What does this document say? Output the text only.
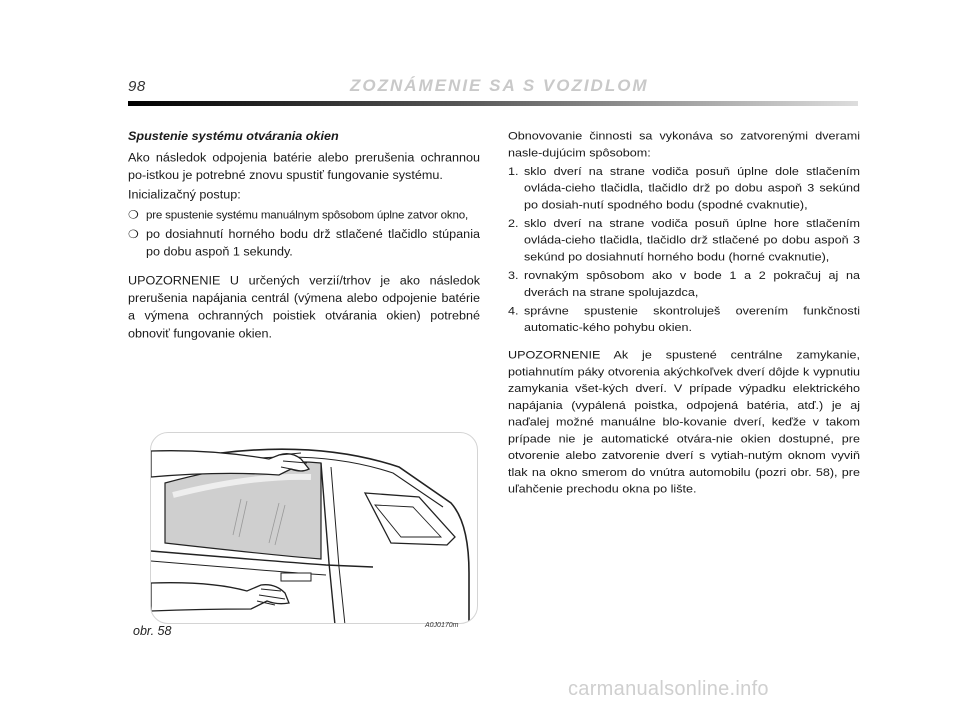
98	ZOZNÁMENIE SA S VOZIDLOM
Spustenie systému otvárania okien

Ako následok odpojenia batérie alebo prerušenia ochrannou po-istkou je potrebné znovu spustiť fungovanie systému.

Inicializačný postup:

❍ pre spustenie systému manuálnym spôsobom úplne zatvor okno,
❍ po dosiahnutí horného bodu drž stlačené tlačidlo stúpania po dobu aspoň 1 sekundy.

UPOZORNENIE U určených verzií/trhov je ako následok prerušenia napájania centrál (výmena alebo odpojenie batérie a výmena ochranných poistiek otvárania okien) potrebné obnoviť fungovanie okien.

Obnovovanie činnosti sa vykonáva so zatvorenými dverami nasle-dujúcim spôsobom:

1. sklo dverí na strane vodiča posuň úplne dole stlačením ovláda-cieho tlačidla, tlačidlo drž po dobu aspoň 3 sekúnd po dosiah-nutí spodného bodu (spodné cvaknutie),
2. sklo dverí na strane vodiča posuň úplne hore stlačením ovláda-cieho tlačidla, tlačidlo drž stlačené po dobu aspoň 3 sekúnd po dosiahnutí horného bodu (horné cvaknutie),
3. rovnakým spôsobom ako v bode 1 a 2 pokračuj aj na dverách na strane spolujazdca,
4. správne spustenie skontroluješ overením funkčnosti automatic-kého pohybu okien.

UPOZORNENIE Ak je spustené centrálne zamykanie, potiahnutím páky otvorenia akýchkoľvek dverí dôjde k vypnutiu zamykania všet-kých dverí. V prípade výpadku elektrického napájania (vypálená poistka, odpojená batéria, atď.) je aj naďalej možné manuálne blo-kovanie dverí, keďže v takom prípade nie je automatické otvára-nie okien dostupné, pre otvorenie alebo zatvorenie dverí s vytiah-nutým oknom vyviň tlak na okno smerom do vnútra automobilu (pozri obr. 58), pre uľahčenie prechodu okna po lište.

A0J0170m
obr. 58
carmanualsonline.info
